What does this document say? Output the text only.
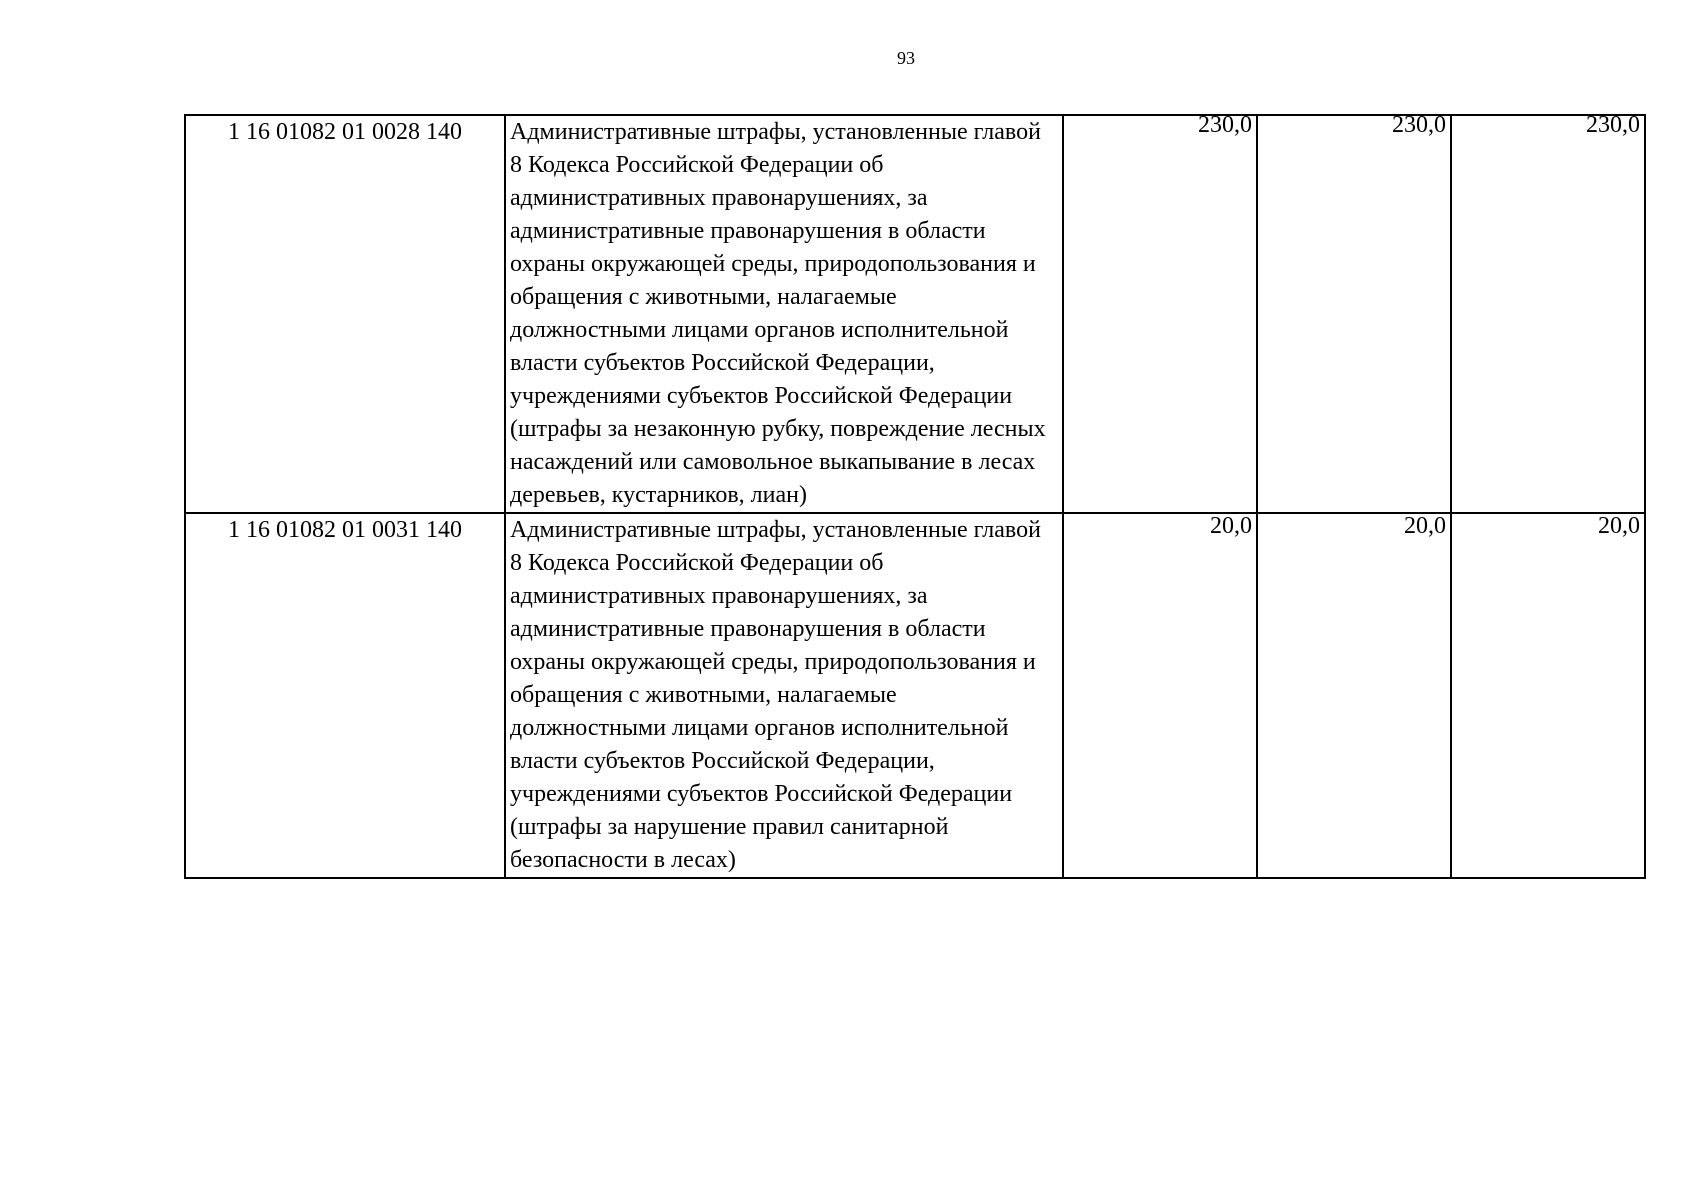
93
1 16 01082 01 0028 140	Административные штрафы, установленные главой 8 Кодекса Российской Федерации об административных правонарушениях, за административные правонарушения в области охраны окружающей среды, природопользования и обращения с животными, налагаемые должностными лицами органов исполнительной власти субъектов Российской Федерации, учреждениями субъектов Российской Федерации (штрафы за незаконную рубку, повреждение лесных насаждений или самовольное выкапывание в лесах деревьев, кустарников, лиан)	230,0	230,0	230,0
1 16 01082 01 0031 140	Административные штрафы, установленные главой 8 Кодекса Российской Федерации об административных правонарушениях, за административные правонарушения в области охраны окружающей среды, природопользования и обращения с животными, налагаемые должностными лицами органов исполнительной власти субъектов Российской Федерации, учреждениями субъектов Российской Федерации (штрафы за нарушение правил санитарной безопасности в лесах)	20,0	20,0	20,0
